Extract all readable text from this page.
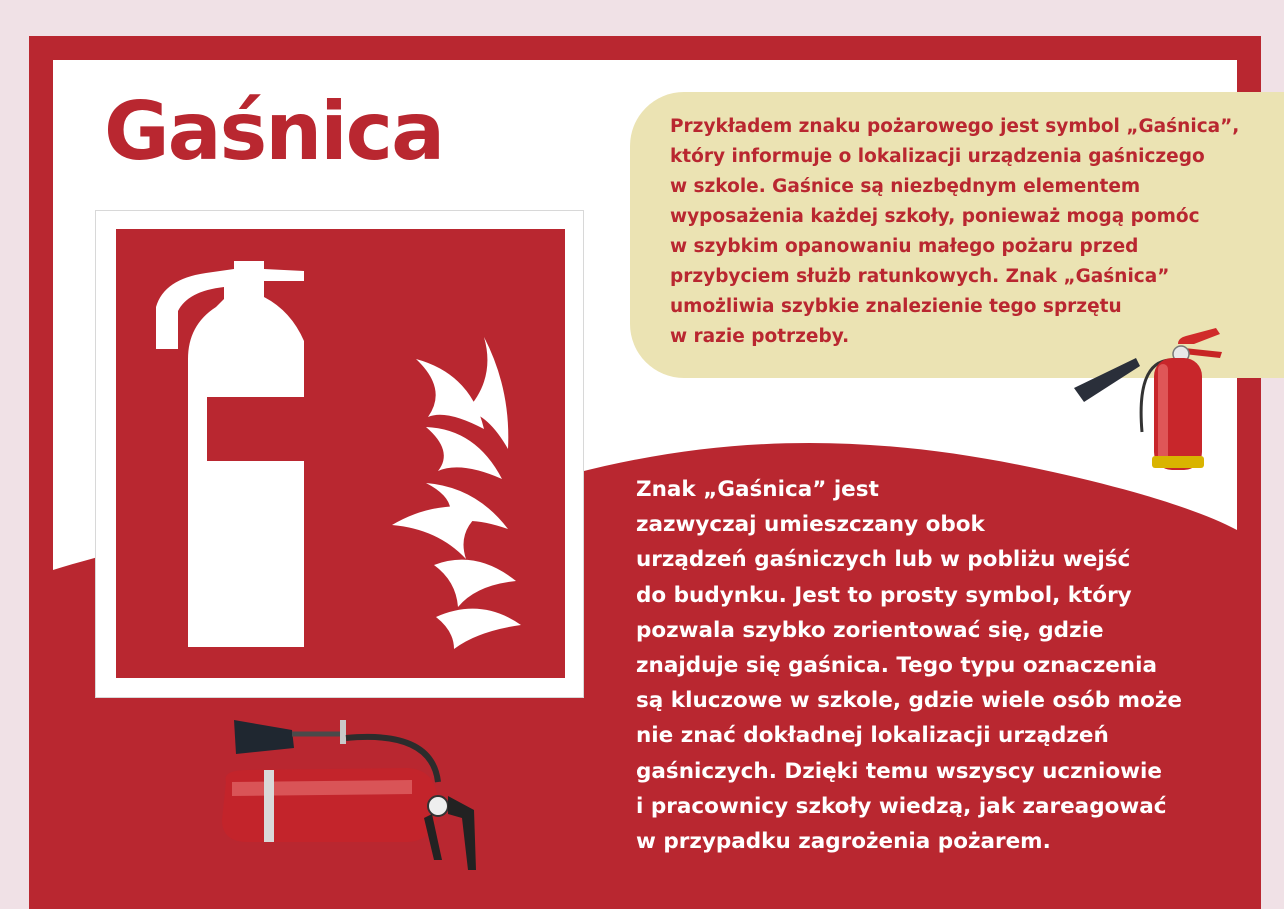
Gaśnica	Przykładem znaku pożarowego jest symbol „Gaśnica”,
który informuje o lokalizacji urządzenia gaśniczego
w szkole. Gaśnice są niezbędnym elementem
wyposażenia każdej szkoły, ponieważ mogą pomóc
w szybkim opanowaniu małego pożaru przed
przybyciem służb ratunkowych. Znak „Gaśnica”
umożliwia szybkie znalezienie tego sprzętu
w razie potrzeby.

Znak „Gaśnica” jest
zazwyczaj umieszczany obok
urządzeń gaśniczych lub w pobliżu wejść
do budynku. Jest to prosty symbol, który
pozwala szybko zorientować się, gdzie
znajduje się gaśnica. Tego typu oznaczenia
są kluczowe w szkole, gdzie wiele osób może
nie znać dokładnej lokalizacji urządzeń
gaśniczych. Dzięki temu wszyscy uczniowie
i pracownicy szkoły wiedzą, jak zareagować
w przypadku zagrożenia pożarem.
